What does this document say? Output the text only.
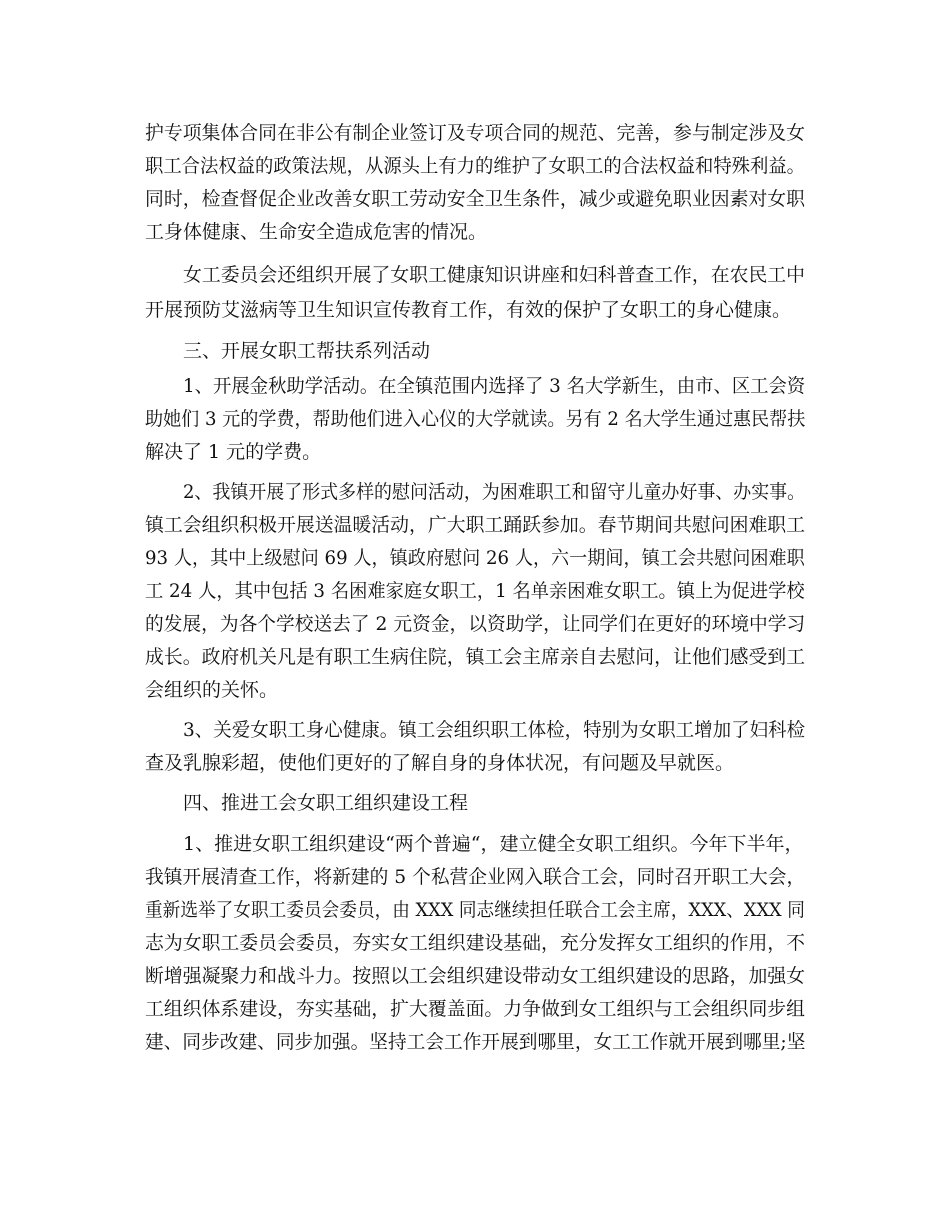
护专项集体合同在非公有制企业签订及专项合同的规范、完善，参与制定涉及女
职工合法权益的政策法规，从源头上有力的维护了女职工的合法权益和特殊利益。
同时，检查督促企业改善女职工劳动安全卫生条件，减少或避免职业因素对女职
工身体健康、生命安全造成危害的情况。
女工委员会还组织开展了女职工健康知识讲座和妇科普查工作，在农民工中
开展预防艾滋病等卫生知识宣传教育工作，有效的保护了女职工的身心健康。
三、开展女职工帮扶系列活动
1、开展金秋助学活动。在全镇范围内选择了 3 名大学新生，由市、区工会资
助她们 3 元的学费，帮助他们进入心仪的大学就读。另有 2 名大学生通过惠民帮扶
解决了 1 元的学费。
2、我镇开展了形式多样的慰问活动，为困难职工和留守儿童办好事、办实事。
镇工会组织积极开展送温暖活动，广大职工踊跃参加。春节期间共慰问困难职工
93 人，其中上级慰问 69 人，镇政府慰问 26 人，六一期间，镇工会共慰问困难职
工 24 人，其中包括 3 名困难家庭女职工，1 名单亲困难女职工。镇上为促进学校
的发展，为各个学校送去了 2 元资金，以资助学，让同学们在更好的环境中学习
成长。政府机关凡是有职工生病住院，镇工会主席亲自去慰问，让他们感受到工
会组织的关怀。
3、关爱女职工身心健康。镇工会组织职工体检，特别为女职工增加了妇科检
查及乳腺彩超，使他们更好的了解自身的身体状况，有问题及早就医。
四、推进工会女职工组织建设工程
1、推进女职工组织建设“两个普遍“，建立健全女职工组织。今年下半年，
我镇开展清查工作，将新建的 5 个私营企业网入联合工会，同时召开职工大会，
重新选举了女职工委员会委员，由 XXX 同志继续担任联合工会主席，XXX、XXX 同
志为女职工委员会委员，夯实女工组织建设基础，充分发挥女工组织的作用，不
断增强凝聚力和战斗力。按照以工会组织建设带动女工组织建设的思路，加强女
工组织体系建设，夯实基础，扩大覆盖面。力争做到女工组织与工会组织同步组
建、同步改建、同步加强。坚持工会工作开展到哪里，女工工作就开展到哪里;坚
